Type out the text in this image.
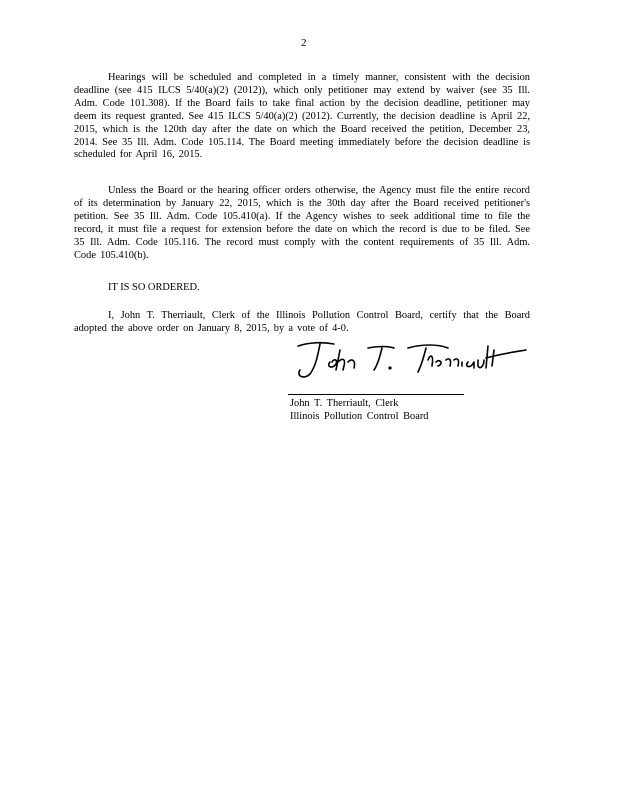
2

Hearings will be scheduled and completed in a timely manner, consistent with the decision deadline (see 415 ILCS 5/40(a)(2) (2012)), which only petitioner may extend by waiver (see 35 Ill. Adm. Code 101.308). If the Board fails to take final action by the decision deadline, petitioner may deem its request granted. See 415 ILCS 5/40(a)(2) (2012). Currently, the decision deadline is April 22, 2015, which is the 120th day after the date on which the Board received the petition, December 23, 2014. See 35 Ill. Adm. Code 105.114. The Board meeting immediately before the decision deadline is scheduled for April 16, 2015.

Unless the Board or the hearing officer orders otherwise, the Agency must file the entire record of its determination by January 22, 2015, which is the 30th day after the Board received petitioner's petition. See 35 Ill. Adm. Code 105.410(a). If the Agency wishes to seek additional time to file the record, it must file a request for extension before the date on which the record is due to be filed. See 35 Ill. Adm. Code 105.116. The record must comply with the content requirements of 35 Ill. Adm. Code 105.410(b).

IT IS SO ORDERED.

I, John T. Therriault, Clerk of the Illinois Pollution Control Board, certify that the Board adopted the above order on January 8, 2015, by a vote of 4-0.

John T. Therriault, Clerk
Illinois Pollution Control Board
